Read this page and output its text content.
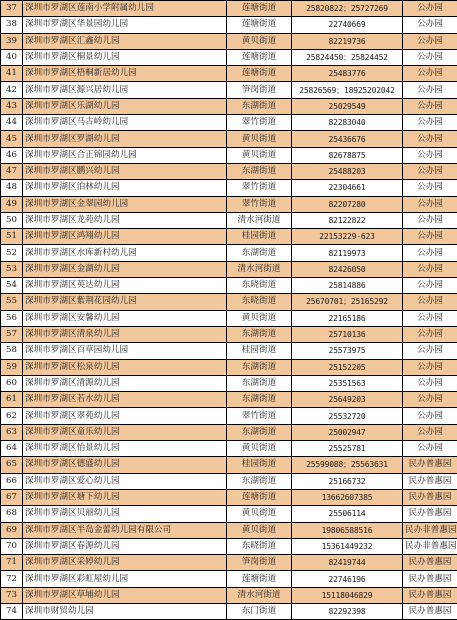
37	深圳市罗湖区莲南小学附属幼儿园	莲塘街道	25820822；25727269	公办园
38	深圳市罗湖区华景园幼儿园	莲塘街道	22740669	公办园
39	深圳市罗湖区汇鑫幼儿园	黄贝街道	82219736	公办园
40	深圳市罗湖区桐景幼儿园	莲塘街道	25824450；25824452	公办园
41	深圳市罗湖区梧桐新居幼儿园	莲塘街道	25483776	公办园
42	深圳市罗湖区源兴居幼儿园	笋岗街道	25826569；18925202042	公办园
43	深圳市罗湖区乐湖幼儿园	东湖街道	25029549	公办园
44	深圳市罗湖区马古岭幼儿园	翠竹街道	82283040	公办园
45	深圳市罗湖区罗湖幼儿园	黄贝街道	25436676	公办园
46	深圳市罗湖区合正锦园幼儿园	黄贝街道	82678875	公办园
47	深圳市罗湖区鹏兴幼儿园	东湖街道	25488203	公办园
48	深圳市罗湖区泊林幼儿园	翠竹街道	22304661	公办园
49	深圳市罗湖区金翠园幼儿园	翠竹街道	82207280	公办园
50	深圳市罗湖区龙苑幼儿园	清水河街道	82122822	公办园
51	深圳市罗湖区鸿翔幼儿园	桂园街道	22153229-623	公办园
52	深圳市罗湖区水库新村幼儿园	东湖街道	82119973	公办园
53	深圳市罗湖区金湖幼儿园	清水河街道	82426050	公办园
54	深圳市罗湖区英达幼儿园	东晓街道	25814886	公办园
55	深圳市罗湖区紫荆花园幼儿园	东晓街道	25670701；25165292	公办园
56	深圳市罗湖区安馨幼儿园	黄贝街道	22165186	公办园
57	深圳市罗湖区清泉幼儿园	东湖街道	25710136	公办园
58	深圳市罗湖区百草园幼儿园	桂园街道	25573975	公办园
59	深圳市罗湖区松泉幼儿园	东湖街道	25152205	公办园
60	深圳市罗湖区清源幼儿园	东湖街道	25351563	公办园
61	深圳市罗湖区若水幼儿园	东湖街道	25649203	公办园
62	深圳市罗湖区翠苑幼儿园	翠竹街道	25532720	公办园
63	深圳市罗湖区童乐幼儿园	东湖街道	25002947	公办园
64	深圳市罗湖区怡景幼儿园	黄贝街道	25525781	公办园
65	深圳市罗湖区德盛幼儿园	桂园街道	25599088；25563631	民办普惠园
66	深圳市罗湖区爱心幼儿园	东湖街道	25166732	民办普惠园
67	深圳市罗湖区塘下幼儿园	莲塘街道	13662607385	民办普惠园
68	深圳市罗湖区贝丽幼儿园	黄贝街道	25506114	民办普惠园
69	深圳市罗湖区半岛金蕾幼儿园有限公司	黄贝街道	19806588516	民办非普惠园
70	深圳市罗湖区春源幼儿园	东晓街道	15361449232	民办非普惠园
71	深圳市罗湖区采婷幼儿园	笋岗街道	82419744	民办普惠园
72	深圳市罗湖区彩虹屋幼儿园	莲塘街道	22746196	民办普惠园
73	深圳市罗湖区草埔幼儿园	清水河街道	15118046829	民办普惠园
74	深圳市财贸幼儿园	东门街道	82292398	民办普惠园
